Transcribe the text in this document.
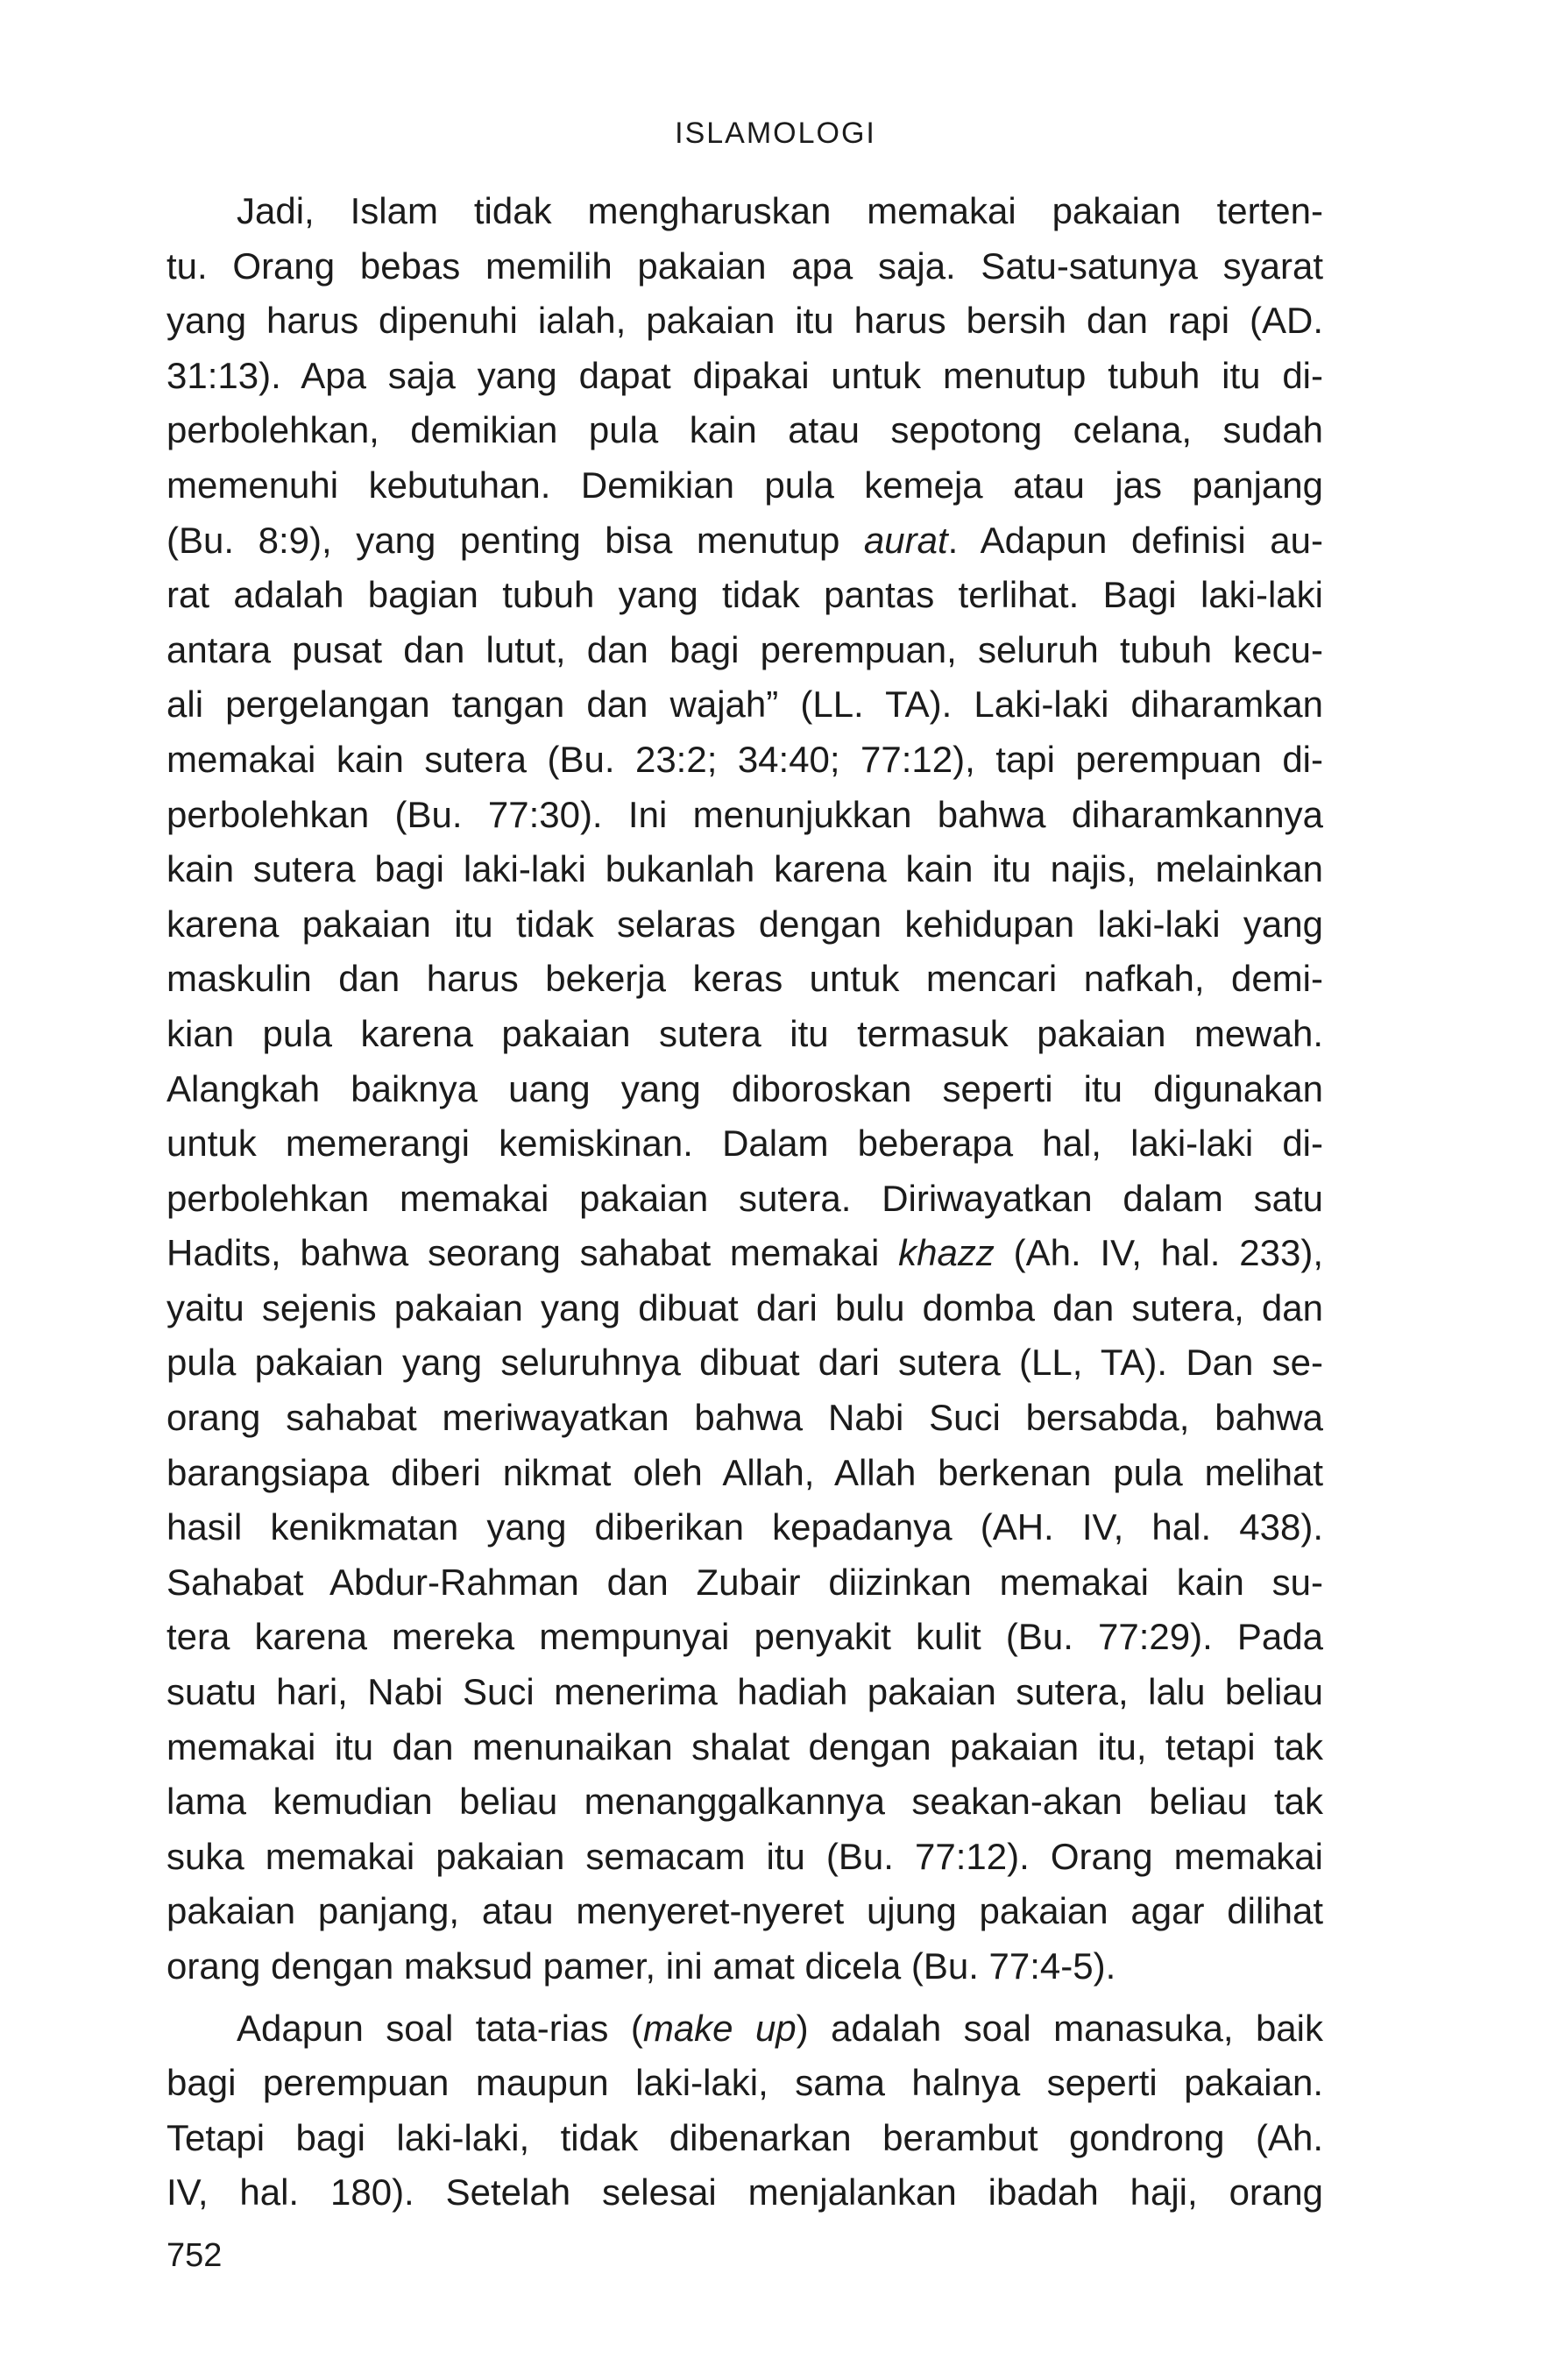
ISLAMOLOGI
Jadi, Islam tidak mengharuskan memakai pakaian terten-
tu. Orang bebas memilih pakaian apa saja. Satu-satunya syarat
yang harus dipenuhi ialah, pakaian itu harus bersih dan rapi (AD.
31:13). Apa saja yang dapat dipakai untuk menutup tubuh itu di-
perbolehkan, demikian pula kain atau sepotong celana, sudah
memenuhi kebutuhan. Demikian pula kemeja atau jas panjang
(Bu. 8:9), yang penting bisa menutup aurat. Adapun definisi au-
rat adalah bagian tubuh yang tidak pantas terlihat. Bagi laki-laki
antara pusat dan lutut, dan bagi perempuan, seluruh tubuh kecu-
ali pergelangan tangan dan wajah” (LL. TA). Laki-laki diharamkan
memakai kain sutera (Bu. 23:2; 34:40; 77:12), tapi perempuan di-
perbolehkan (Bu. 77:30). Ini menunjukkan bahwa diharamkannya
kain sutera bagi laki-laki bukanlah karena kain itu najis, melainkan
karena pakaian itu tidak selaras dengan kehidupan laki-laki yang
maskulin dan harus bekerja keras untuk mencari nafkah, demi-
kian pula karena pakaian sutera itu termasuk pakaian mewah.
Alangkah baiknya uang yang diboroskan seperti itu digunakan
untuk memerangi kemiskinan. Dalam beberapa hal, laki-laki di-
perbolehkan memakai pakaian sutera. Diriwayatkan dalam satu
Hadits, bahwa seorang sahabat memakai khazz (Ah. IV, hal. 233),
yaitu sejenis pakaian yang dibuat dari bulu domba dan sutera, dan
pula pakaian yang seluruhnya dibuat dari sutera (LL, TA). Dan se-
orang sahabat meriwayatkan bahwa Nabi Suci bersabda, bahwa
barangsiapa diberi nikmat oleh Allah, Allah berkenan pula melihat
hasil kenikmatan yang diberikan kepadanya (AH. IV, hal. 438).
Sahabat Abdur-Rahman dan Zubair diizinkan memakai kain su-
tera karena mereka mempunyai penyakit kulit (Bu. 77:29). Pada
suatu hari, Nabi Suci menerima hadiah pakaian sutera, lalu beliau
memakai itu dan menunaikan shalat dengan pakaian itu, tetapi tak
lama kemudian beliau menanggalkannya seakan-akan beliau tak
suka memakai pakaian semacam itu (Bu. 77:12). Orang memakai
pakaian panjang, atau menyeret-nyeret ujung pakaian agar dilihat
orang dengan maksud pamer, ini amat dicela (Bu. 77:4-5).
Adapun soal tata-rias (make up) adalah soal manasuka, baik
bagi perempuan maupun laki-laki, sama halnya seperti pakaian.
Tetapi bagi laki-laki, tidak dibenarkan berambut gondrong (Ah.
IV, hal. 180). Setelah selesai menjalankan ibadah haji, orang
752
